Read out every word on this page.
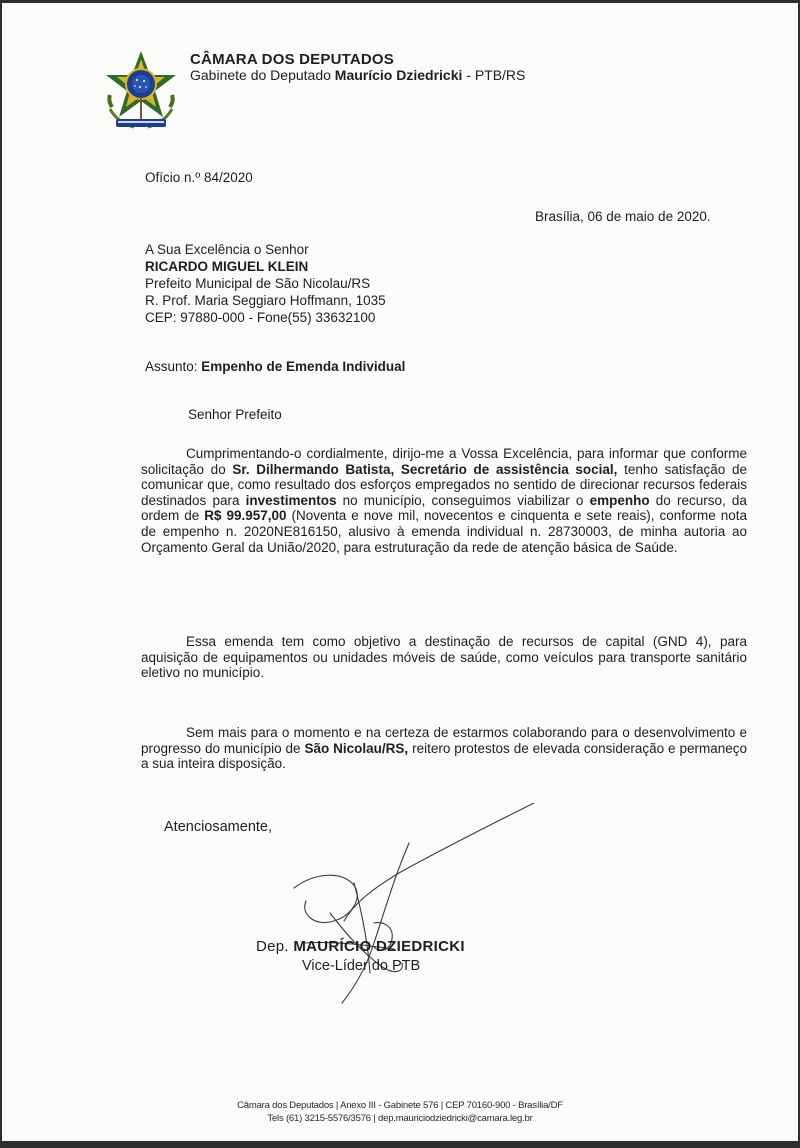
CÂMARA DOS DEPUTADOS
Gabinete do Deputado Maurício Dziedricki - PTB/RS
Ofício n.º 84/2020
Brasília, 06 de maio de 2020.
A Sua Excelência o Senhor
RICARDO MIGUEL KLEIN
Prefeito Municipal de São Nicolau/RS
R. Prof. Maria Seggiaro Hoffmann, 1035
CEP: 97880-000 - Fone(55) 33632100
Assunto: Empenho de Emenda Individual
Senhor Prefeito
Cumprimentando-o cordialmente, dirijo-me a Vossa Excelência, para informar que conforme solicitação do Sr. Dilhermando Batista, Secretário de assistência social, tenho satisfação de comunicar que, como resultado dos esforços empregados no sentido de direcionar recursos federais destinados para investimentos no município, conseguimos viabilizar o empenho do recurso, da ordem de R$ 99.957,00 (Noventa e nove mil, novecentos e cinquenta e sete reais), conforme nota de empenho n. 2020NE816150, alusivo à emenda individual n. 28730003, de minha autoria ao Orçamento Geral da União/2020, para estruturação da rede de atenção básica de Saúde.
Essa emenda tem como objetivo a destinação de recursos de capital (GND 4), para aquisição de equipamentos ou unidades móveis de saúde, como veículos para transporte sanitário eletivo no município.
Sem mais para o momento e na certeza de estarmos colaborando para o desenvolvimento e progresso do município de São Nicolau/RS, reitero protestos de elevada consideração e permaneço a sua inteira disposição.
Atenciosamente,
Dep. MAURÍCIO DZIEDRICKI
Vice-Líder do PTB
Câmara dos Deputados | Anexo III - Gabinete 576 | CEP 70160-900 - Brasília/DF
Tels (61) 3215-5576/3576 | dep.mauriciodziedricki@camara.leg.br
